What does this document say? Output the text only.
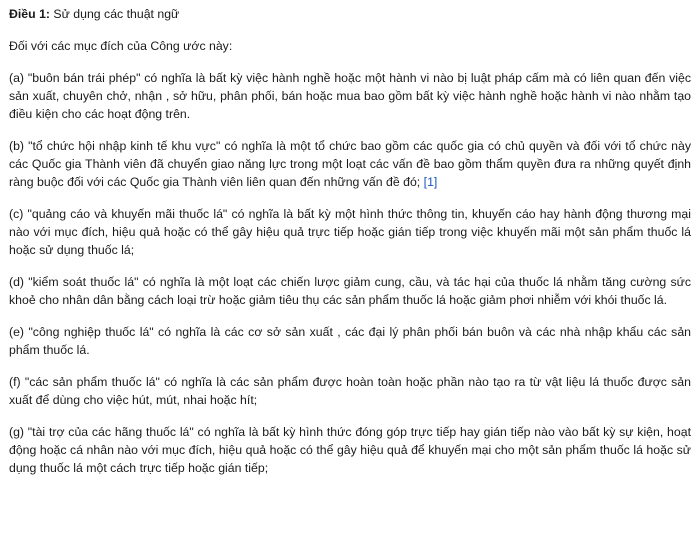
Điều 1: Sử dụng các thuật ngữ

Đối với các mục đích của Công ước này:

(a) "buôn bán trái phép" có nghĩa là bất kỳ việc hành nghề hoặc một hành vi nào bị luật pháp cấm mà có liên quan đến việc sản xuất, chuyên chở, nhận , sở hữu, phân phối, bán hoặc mua bao gồm bất kỳ việc hành nghề hoặc hành vi nào nhằm tạo điều kiện cho các hoạt động trên.

(b) "tổ chức hội nhập kinh tế khu vực" có nghĩa là một tổ chức bao gồm các quốc gia có chủ quyền và đối với tổ chức này các Quốc gia Thành viên đã chuyển giao năng lực trong một loạt các vấn đề bao gồm thẩm quyền đưa ra những quyết định ràng buộc đối với các Quốc gia Thành viên liên quan đến những vấn đề đó; [1]

(c) "quảng cáo và khuyến mãi thuốc lá" có nghĩa là bất kỳ một hình thức thông tin, khuyến cáo hay hành động thương mại nào với mục đích, hiệu quả hoặc có thể gây hiệu quả trực tiếp hoặc gián tiếp trong việc khuyến mãi một sản phẩm thuốc lá hoặc sử dụng thuốc lá;

(d) "kiểm soát thuốc lá" có nghĩa là một loạt các chiến lược giảm cung, cầu, và tác hại của thuốc lá nhằm tăng cường sức khoẻ cho nhân dân bằng cách loại trừ hoặc giảm tiêu thụ các sản phẩm thuốc lá hoặc giảm phơi nhiễm với khói thuốc lá.

(e) "công nghiệp thuốc lá" có nghĩa là các cơ sở sản xuất , các đại lý phân phối bán buôn và các nhà nhập khẩu các sản phẩm thuốc lá.

(f) "các sản phẩm thuốc lá" có nghĩa là các sản phẩm được hoàn toàn hoặc phần nào tạo ra từ vật liệu lá thuốc được sản xuất để dùng cho việc hút, mút, nhai hoặc hít;

(g) "tài trợ của các hãng thuốc lá" có nghĩa là bất kỳ hình thức đóng góp trực tiếp hay gián tiếp nào vào bất kỳ sự kiện, hoạt động hoặc cá nhân nào với mục đích, hiệu quả hoặc có thể gây hiệu quả để khuyến mại cho một sản phẩm thuốc lá hoặc sử dụng thuốc lá một cách trực tiếp hoặc gián tiếp;
